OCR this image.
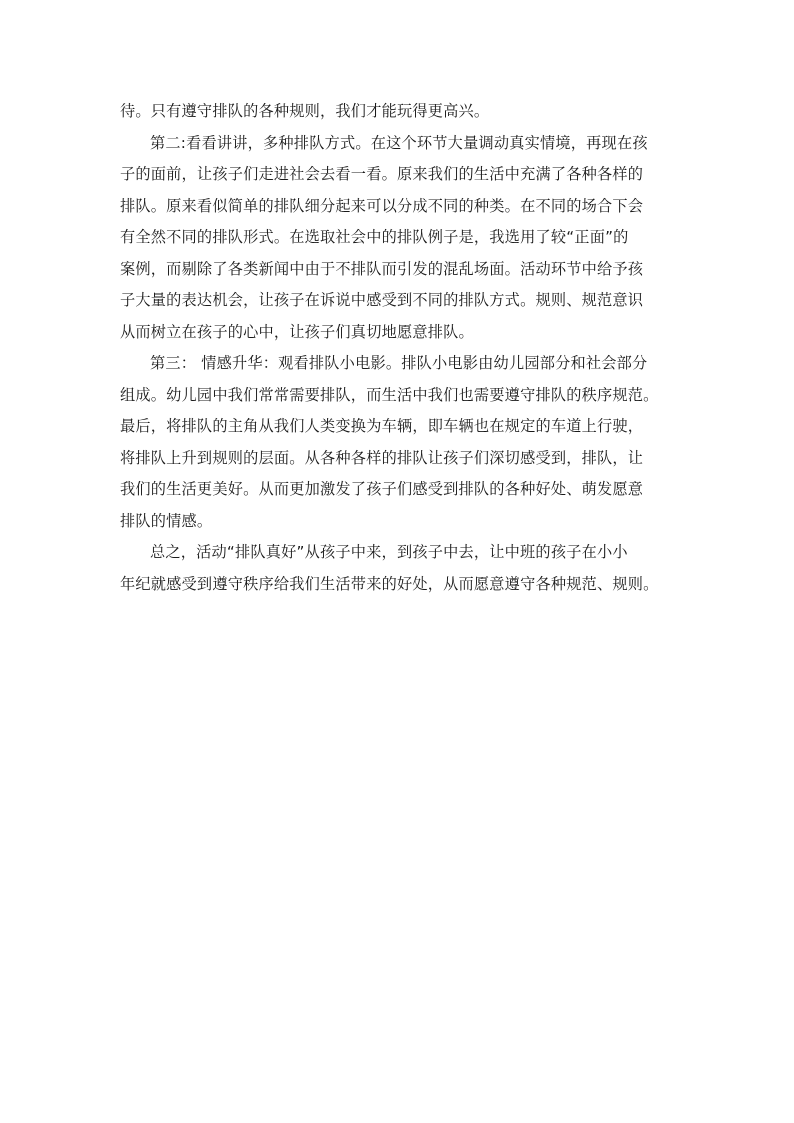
待。只有遵守排队的各种规则，我们才能玩得更高兴。
第二:看看讲讲，多种排队方式。在这个环节大量调动真实情境，再现在孩
子的面前，让孩子们走进社会去看一看。原来我们的生活中充满了各种各样的
排队。原来看似简单的排队细分起来可以分成不同的种类。在不同的场合下会
有全然不同的排队形式。在选取社会中的排队例子是，我选用了较“正面”的
案例，而剔除了各类新闻中由于不排队而引发的混乱场面。活动环节中给予孩
子大量的表达机会，让孩子在诉说中感受到不同的排队方式。规则、规范意识
从而树立在孩子的心中，让孩子们真切地愿意排队。
第三： 情感升华：观看排队小电影。排队小电影由幼儿园部分和社会部分
组成。幼儿园中我们常常需要排队，而生活中我们也需要遵守排队的秩序规范。
最后，将排队的主角从我们人类变换为车辆，即车辆也在规定的车道上行驶，
将排队上升到规则的层面。从各种各样的排队让孩子们深切感受到，排队，让
我们的生活更美好。从而更加激发了孩子们感受到排队的各种好处、萌发愿意
排队的情感。
总之，活动“排队真好”从孩子中来，到孩子中去，让中班的孩子在小小
年纪就感受到遵守秩序给我们生活带来的好处，从而愿意遵守各种规范、规则。
